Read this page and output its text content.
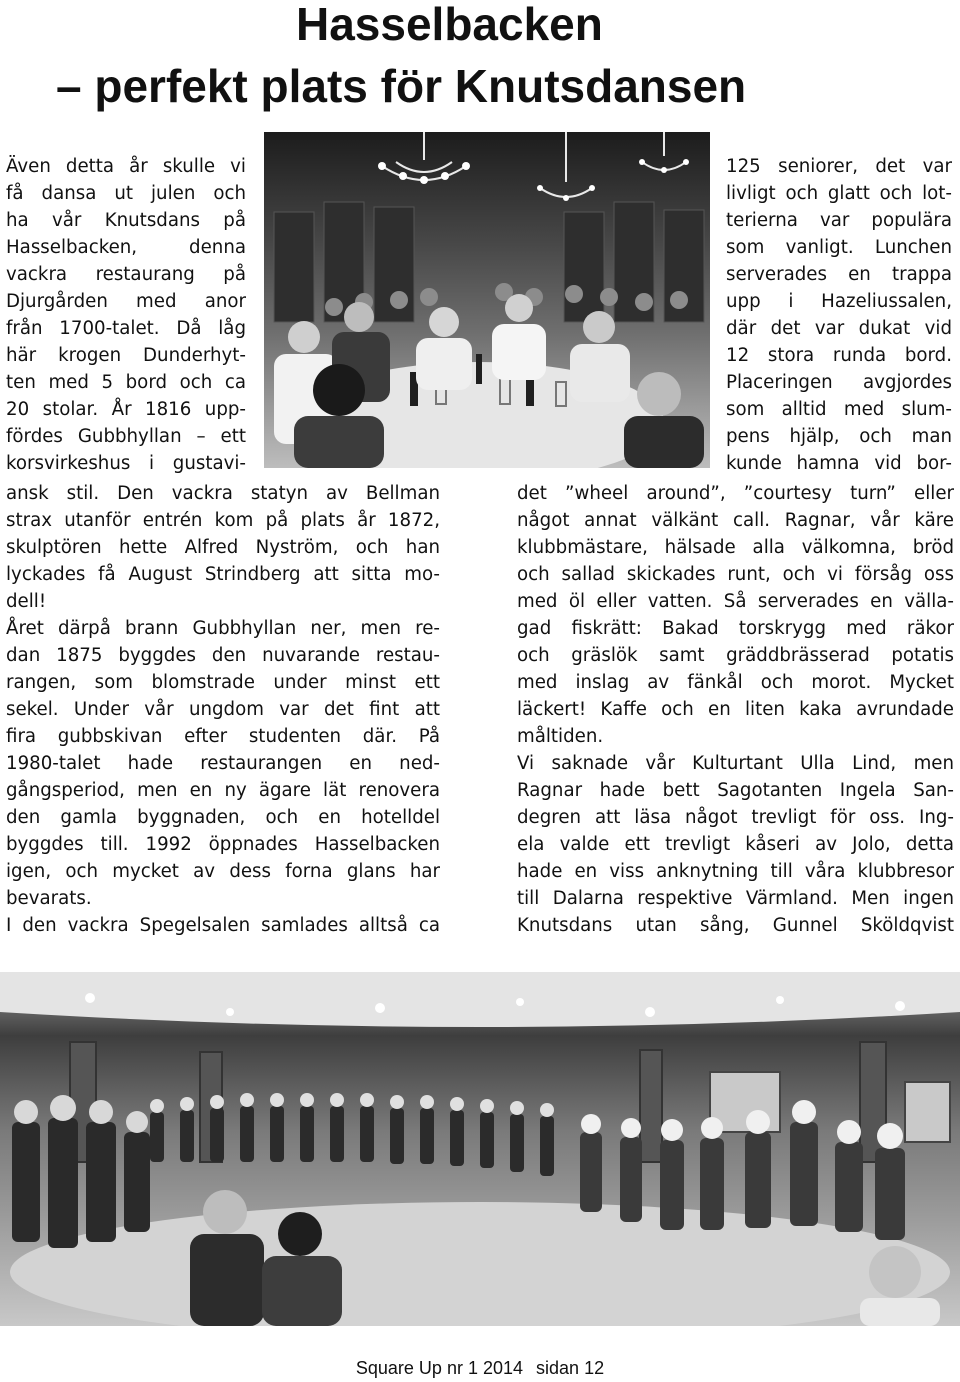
Hasselbacken
– perfekt plats för Knutsdansen
Även detta år skulle vi
få dansa ut julen och
ha vår Knutsdans på
Hasselbacken, denna
vackra restaurang på
Djurgården med anor
från 1700-talet. Då låg
här krogen Dunderhyt-
ten med 5 bord och ca
20 stolar. År 1816 upp-
fördes Gubbhyllan – ett
korsvirkeshus i gustavi-
ansk stil. Den vackra statyn av Bellman
strax utanför entrén kom på plats år 1872,
skulptören hette Alfred Nyström, och han
lyckades få August Strindberg att sitta mo-
dell!
Året därpå brann Gubbhyllan ner, men re-
dan 1875 byggdes den nuvarande restau-
rangen, som blomstrade under minst ett
sekel. Under vår ungdom var det fint att
fira gubbskivan efter studenten där. På
1980-talet hade restaurangen en ned-
gångsperiod, men en ny ägare lät renovera
den gamla byggnaden, och en hotelldel
byggdes till. 1992 öppnades Hasselbacken
igen, och mycket av dess forna glans har
bevarats.
I den vackra Spegelsalen samlades alltså ca
125 seniorer, det var
livligt och glatt och lot-
terierna var populära
som vanligt. Lunchen
serverades en trappa
upp i Hazeliussalen,
där det var dukat vid
12 stora runda bord.
Placeringen avgjordes
som alltid med slum-
pens hjälp, och man
kunde hamna vid bor-
det ”wheel around”, ”courtesy turn” eller
något annat välkänt call. Ragnar, vår käre
klubbmästare, hälsade alla välkomna, bröd
och sallad skickades runt, och vi försåg oss
med öl eller vatten. Så serverades en välla-
gad fiskrätt: Bakad torskrygg med räkor
och gräslök samt gräddbrässerad potatis
med inslag av fänkål och morot. Mycket
läckert! Kaffe och en liten kaka avrundade
måltiden.
Vi saknade vår Kulturtant Ulla Lind, men
Ragnar hade bett Sagotanten Ingela San-
degren att läsa något trevligt för oss. Ing-
ela valde ett trevligt kåseri av Jolo, detta
hade en viss anknytning till våra klubbresor
till Dalarna respektive Värmland. Men ingen
Knutsdans utan sång, Gunnel Sköldqvist
Square Up nr 1 2014 sidan 12
